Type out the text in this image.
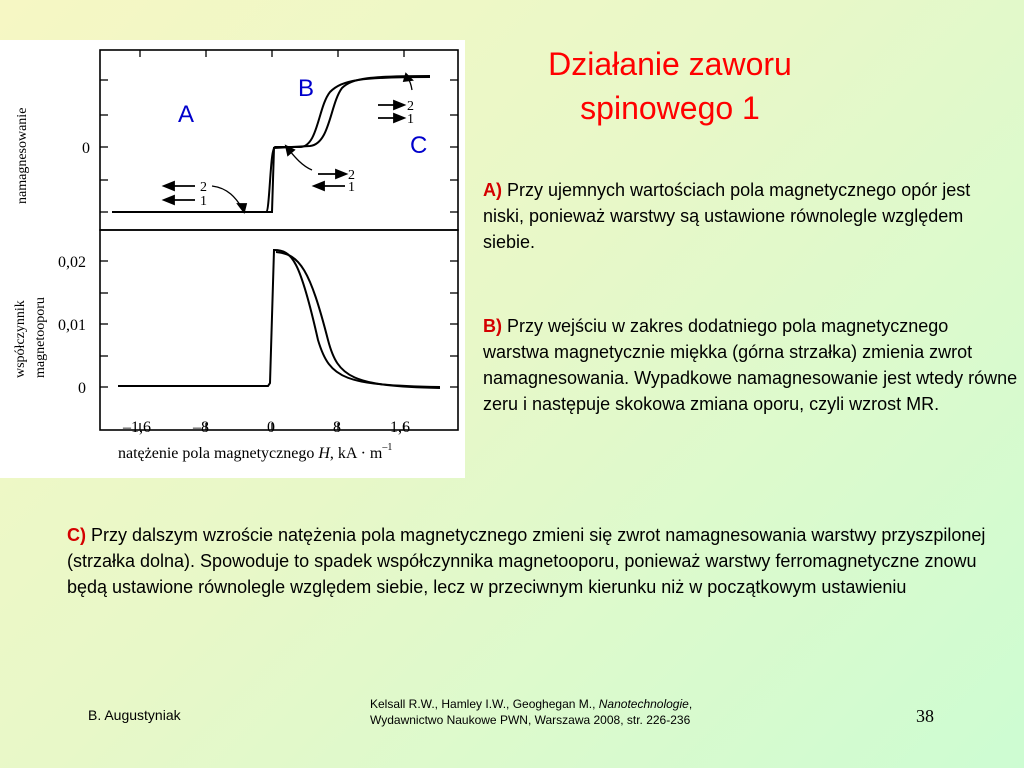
2
1
2
1
2
1
A
B
C
0
namagnesowanie
0,02
0,01
0
współczynnik magnetooporu
–1,6	–8	0	8	1,6
natężenie pola magnetycznego H, kA · $m^{-1}$
Działanie zaworu spinowego 1
A) Przy ujemnych wartościach pola magnetycznego opór jest niski, ponieważ warstwy są ustawione równolegle względem siebie.
B) Przy wejściu w zakres dodatniego pola magnetycznego warstwa magnetycznie miękka (górna strzałka) zmienia zwrot namagnesowania. Wypadkowe namagnesowanie jest wtedy równe zeru i następuje skokowa zmiana oporu, czyli wzrost MR.
C) Przy dalszym wzroście natężenia pola magnetycznego zmieni się zwrot namagnesowania warstwy przyszpilonej (strzałka dolna). Spowoduje to spadek współczynnika magnetooporu, ponieważ warstwy ferromagnetyczne znowu będą ustawione równolegle względem siebie, lecz w przeciwnym kierunku niż w początkowym ustawieniu
B. Augustyniak
Kelsall R.W., Hamley I.W., Geoghegan M., Nanotechnologie,
Wydawnictwo Naukowe PWN, Warszawa 2008, str. 226-236	38
